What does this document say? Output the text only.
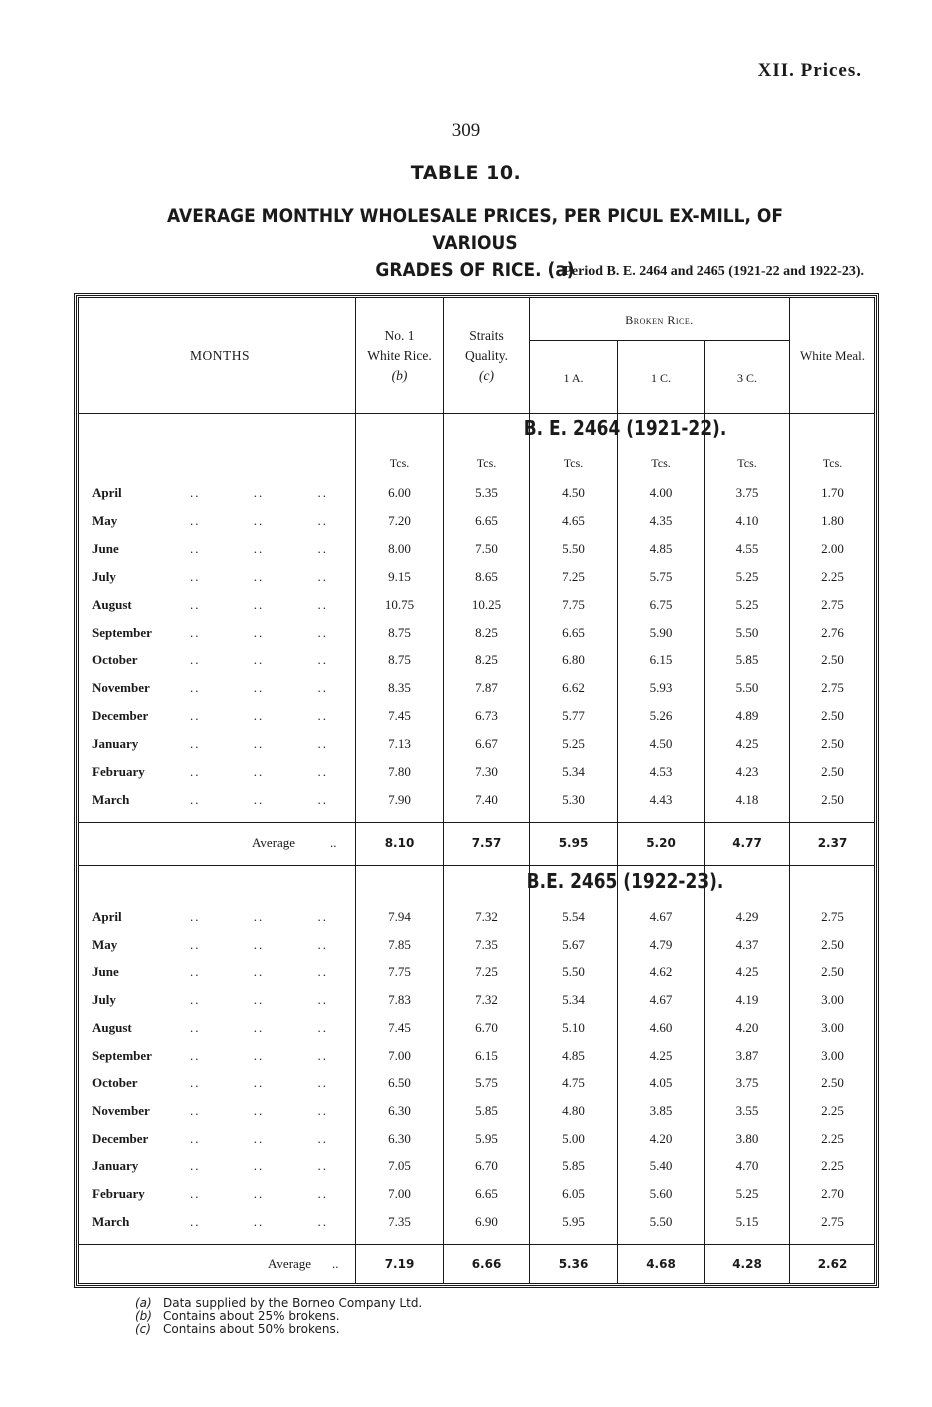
XII. Prices.
309
TABLE 10.
AVERAGE MONTHLY WHOLESALE PRICES, PER PICUL EX-MILL, OF VARIOUS
GRADES OF RICE. (a)
Period B. E. 2464 and 2465 (1921-22 and 1922-23).
MONTHS
No. 1
White Rice.
(b)
Straits
Quality.
(c)
Broken Rice.
1 A.	1 C.	3 C.
White Meal.
B. E. 2464 (1921-22).
Tcs.	Tcs.	Tcs.	Tcs.	Tcs.	Tcs.
April	.. .. ..	6.00	5.35	4.50	4.00	3.75	1.70
May	.. .. ..	7.20	6.65	4.65	4.35	4.10	1.80
June	.. .. ..	8.00	7.50	5.50	4.85	4.55	2.00
July	.. .. ..	9.15	8.65	7.25	5.75	5.25	2.25
August	.. .. ..	10.75	10.25	7.75	6.75	5.25	2.75
September	.. .. ..	8.75	8.25	6.65	5.90	5.50	2.76
October	.. .. ..	8.75	8.25	6.80	6.15	5.85	2.50
November	.. .. ..	8.35	7.87	6.62	5.93	5.50	2.75
December	.. .. ..	7.45	6.73	5.77	5.26	4.89	2.50
January	.. .. ..	7.13	6.67	5.25	4.50	4.25	2.50
February	.. .. ..	7.80	7.30	5.34	4.53	4.23	2.50
March	.. .. ..	7.90	7.40	5.30	4.43	4.18	2.50
Average	..	8.10	7.57	5.95	5.20	4.77	2.37
B.E. 2465 (1922-23).
April	.. .. ..	7.94	7.32	5.54	4.67	4.29	2.75
May	.. .. ..	7.85	7.35	5.67	4.79	4.37	2.50
June	.. .. ..	7.75	7.25	5.50	4.62	4.25	2.50
July	.. .. ..	7.83	7.32	5.34	4.67	4.19	3.00
August	.. .. ..	7.45	6.70	5.10	4.60	4.20	3.00
September	.. .. ..	7.00	6.15	4.85	4.25	3.87	3.00
October	.. .. ..	6.50	5.75	4.75	4.05	3.75	2.50
November	.. .. ..	6.30	5.85	4.80	3.85	3.55	2.25
December	.. .. ..	6.30	5.95	5.00	4.20	3.80	2.25
January	.. .. ..	7.05	6.70	5.85	5.40	4.70	2.25
February	.. .. ..	7.00	6.65	6.05	5.60	5.25	2.70
March	.. .. ..	7.35	6.90	5.95	5.50	5.15	2.75
Average ..	7.19	6.66	5.36	4.68	4.28	2.62
(a) Data supplied by the Borneo Company Ltd.
(b) Contains about 25% brokens.
(c) Contains about 50% brokens.
